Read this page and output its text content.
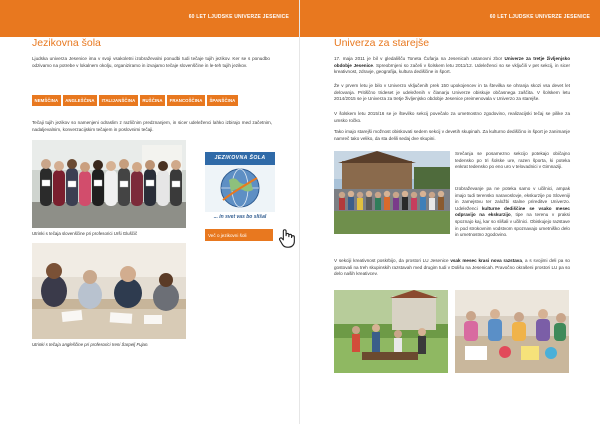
60 LET LJUDSKE UNIVERZE JESENICE
Jezikovna šola

Ljudska univerza Jesenice ima v svoji vsakoletni izobraževalni ponudbi tudi tečaje tujih jezikov. Ker se s ponudbo odzivamo na potrebe v lokalnem okolju, organiziramo in izvajamo tečaje slovenščine in le-teh tujih jezikov.

NEMŠČINA	ANGLEŠČINA	ITALIJANŠČINA	RUŠČINA	FRANCOŠČINA	ŠPANŠČINA

Tečaji tujih jezikov so namenjeni odraslim z različnim predznanjem, in sicer udeleženci lahko izbirajo med začetnim, nadaljevalnim, konverzacijskim tečajem in poslovnimi tečaji.

Utrinki s tečaja slovenščine pri profesorici Urši Gluščič
JEZIKOVNA ŠOLA
... in svet vas bo slišal
Več o jezikovni šoli
Utrinki s tečaja angleščine pri profesorici Ireni Šarpelj Fujan.
60 LET LJUDSKE UNIVERZE JESENICE
Univerza za starejše

17. maja 2011 je bil v gledališču Toneta Čufarja na Jesenicah ustanovni zbor Univerze za tretje življenjsko obdobje Jesenice. Spreobrnjeni so začeli v šolskem letu 2011/12. Udeleženci so se vključili v pet sekcij, in sicer kreativnost, zdravje, geografija, kultura dediščine in šport.

Že v prvem letu je bilo v Univerzo vključenih prek 150 upokojencev in ta številka se ohranja skozi vsa devet let delovanja. Pritiščno trideset je udeleženih v članarju Univerze obiskuje občasnega zaščita. V šolskem letu 2014/2015 se je Univerza za tretje življenjsko obdobje Jesenice preimenovala v Univerzo za starejše.

V šolskem letu 2015/16 se je številko sekcij povečalo za umetnostno zgodovino, realizacijski tečaj se pilike za umsko ročko.

Tako imajo starejši možnost obiskovati sedem sekcij v devetih skupinah. Za kulturno dediščino in šport je zanimanje namreč tako veliko, da sta delili sedaj dve skupini.

Srečanja se posamezno sekcijo potekajo običajno tedensko po tri šolske ure, razen športa, ki poteka enkrat tedensko po eno uro v telovadnici v Gimnaziji.

Izobraževanje pa ne poteka samo v učilnici, ampak imajo tudi terensko naravoslovje, ekskurzije po Sloveniji in zamejstvu ter založbi stalne prireditve Univerzo. Udeleženci kulturne dediščine se vsako mesec odpravijo na ekskurzijo, tipe na terenu v praksi spoznajo kaj, kar so slišali v učilnici. Obiskujejo razstave in pod strokovnim vodstvom spoznavajo umetniško delo in umetnostno zgodovino.

V sekciji kreativnost poskrbijo, da prostori LU Jesenice vsak mesec krasi nova razstava, a s svojimi deli pa so gostovali na treh skupinskih razstavah med drugim tudi v Dolišu na Jesenicah. Pravočno okrašeni prostori LU pa so delo naših kreativcev.
